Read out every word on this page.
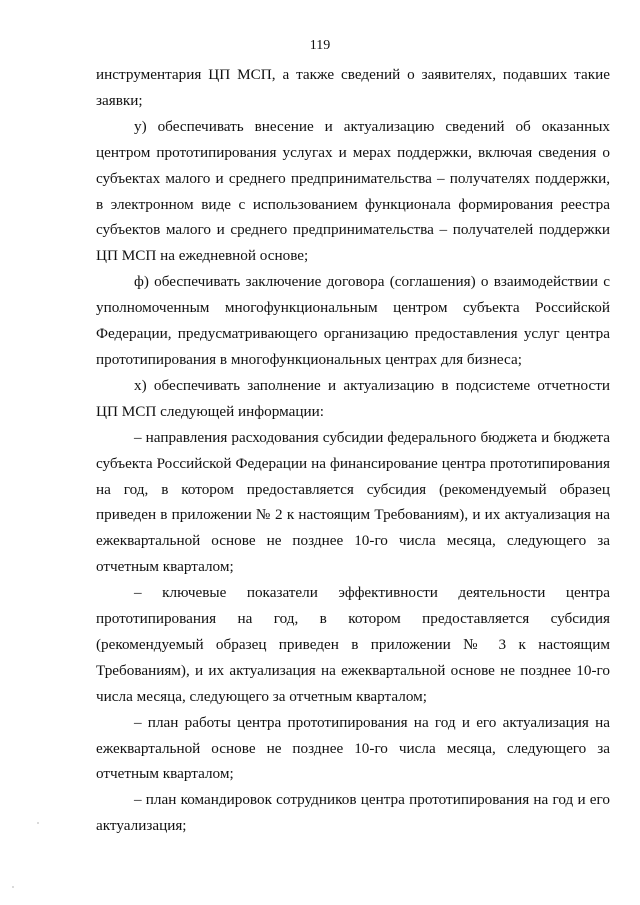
119

инструментария ЦП МСП, а также сведений о заявителях, подавших такие заявки;

у) обеспечивать внесение и актуализацию сведений об оказанных центром прототипирования услугах и мерах поддержки, включая сведения о субъектах малого и среднего предпринимательства – получателях поддержки, в электронном виде с использованием функционала формирования реестра субъектов малого и среднего предпринимательства – получателей поддержки ЦП МСП на ежедневной основе;

ф) обеспечивать заключение договора (соглашения) о взаимодействии с уполномоченным многофункциональным центром субъекта Российской Федерации, предусматривающего организацию предоставления услуг центра прототипирования в многофункциональных центрах для бизнеса;

х) обеспечивать заполнение и актуализацию в подсистеме отчетности ЦП МСП следующей информации:

– направления расходования субсидии федерального бюджета и бюджета субъекта Российской Федерации на финансирование центра прототипирования на год, в котором предоставляется субсидия (рекомендуемый образец приведен в приложении № 2 к настоящим Требованиям), и их актуализация на ежеквартальной основе не позднее 10-го числа месяца, следующего за отчетным кварталом;

– ключевые показатели эффективности деятельности центра прототипирования на год, в котором предоставляется субсидия (рекомендуемый образец приведен в приложении № 3 к настоящим Требованиям), и их актуализация на ежеквартальной основе не позднее 10-го числа месяца, следующего за отчетным кварталом;

– план работы центра прототипирования на год и его актуализация на ежеквартальной основе не позднее 10-го числа месяца, следующего за отчетным кварталом;

– план командировок сотрудников центра прототипирования на год и его актуализация;
